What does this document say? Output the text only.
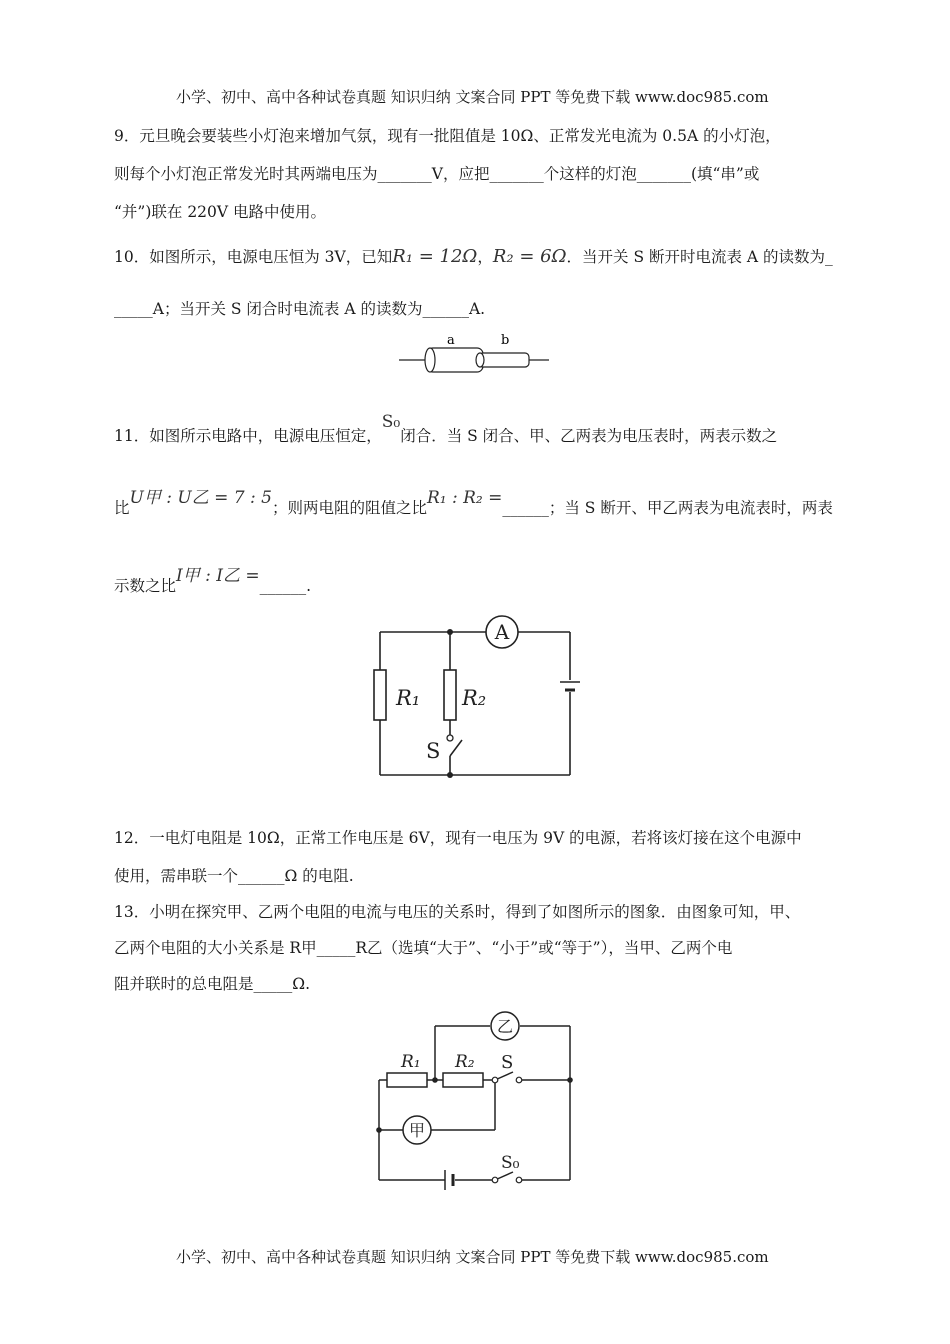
小学、初中、高中各种试卷真题 知识归纳 文案合同 PPT 等免费下载 www.doc985.com
9．元旦晚会要装些小灯泡来增加气氛，现有一批阻值是 10Ω、正常发光电流为 0.5A 的小灯泡，
则每个小灯泡正常发光时其两端电压为_______V，应把_______个这样的灯泡_______(填“串”或
“并”)联在 220V 电路中使用。
10．如图所示，电源电压恒为 3V，已知R₁ = 12Ω，R₂ = 6Ω．当开关 S 断开时电流表 A 的读数为_
_____A；当开关 S 闭合时电流表 A 的读数为______A.
a	b
11．如图所示电路中，电源电压恒定，S₀闭合．当 S 闭合、甲、乙两表为电压表时，两表示数之
比U甲 : U乙 = 7 : 5；则两电阻的阻值之比R₁ : R₂ =______；当 S 断开、甲乙两表为电流表时，两表
示数之比I甲 : I乙 =______.
A
R₁ R₂
S
12．一电灯电阻是 10Ω，正常工作电压是 6V，现有一电压为 9V 的电源，若将该灯接在这个电源中
使用，需串联一个______Ω 的电阻.
13．小明在探究甲、乙两个电阻的电流与电压的关系时，得到了如图所示的图象．由图象可知，甲、
乙两个电阻的大小关系是 R甲_____R乙（选填“大于”、“小于”或“等于”），当甲、乙两个电
阻并联时的总电阻是_____Ω.
乙
甲
R₁ R₂ S
S₀
小学、初中、高中各种试卷真题 知识归纳 文案合同 PPT 等免费下载 www.doc985.com
